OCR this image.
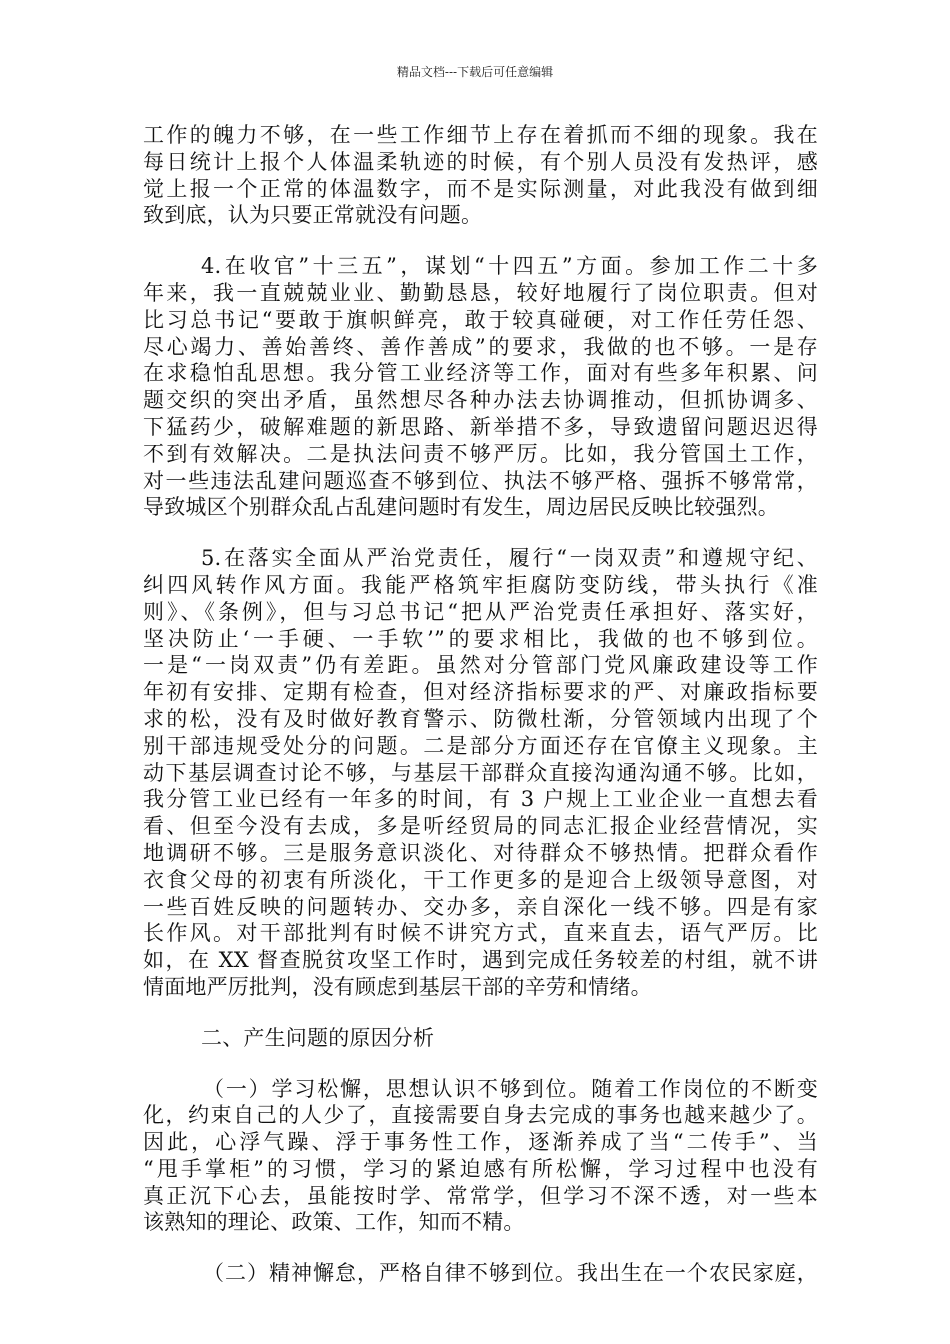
精品文档---下载后可任意编辑
工作的魄力不够，在一些工作细节上存在着抓而不细的现象。我在
每日统计上报个人体温柔轨迹的时候，有个别人员没有发热评，感
觉上报一个正常的体温数字，而不是实际测量，对此我没有做到细
致到底，认为只要正常就没有问题。
4.在收官”十三五”，谋划“十四五”方面。参加工作二十多
年来，我一直兢兢业业、勤勤恳恳，较好地履行了岗位职责。但对
比习总书记“要敢于旗帜鲜亮，敢于较真碰硬，对工作任劳任怨、
尽心竭力、善始善终、善作善成”的要求，我做的也不够。一是存
在求稳怕乱思想。我分管工业经济等工作，面对有些多年积累、问
题交织的突出矛盾，虽然想尽各种办法去协调推动，但抓协调多、
下猛药少，破解难题的新思路、新举措不多，导致遗留问题迟迟得
不到有效解决。二是执法问责不够严厉。比如，我分管国土工作，
对一些违法乱建问题巡查不够到位、执法不够严格、强拆不够常常，
导致城区个别群众乱占乱建问题时有发生，周边居民反映比较强烈。
5.在落实全面从严治党责任，履行“一岗双责”和遵规守纪、
纠四风转作风方面。我能严格筑牢拒腐防变防线，带头执行《准
则》、《条例》，但与习总书记“把从严治党责任承担好、落实好，
坚决防止‘一手硬、一手软’”的要求相比，我做的也不够到位。
一是“一岗双责”仍有差距。虽然对分管部门党风廉政建设等工作
年初有安排、定期有检查，但对经济指标要求的严、对廉政指标要
求的松，没有及时做好教育警示、防微杜渐，分管领域内出现了个
别干部违规受处分的问题。二是部分方面还存在官僚主义现象。主
动下基层调查讨论不够，与基层干部群众直接沟通沟通不够。比如，
我分管工业已经有一年多的时间，有 3 户规上工业企业一直想去看
看、但至今没有去成，多是听经贸局的同志汇报企业经营情况，实
地调研不够。三是服务意识淡化、对待群众不够热情。把群众看作
衣食父母的初衷有所淡化，干工作更多的是迎合上级领导意图，对
一些百姓反映的问题转办、交办多，亲自深化一线不够。四是有家
长作风。对干部批判有时候不讲究方式，直来直去，语气严厉。比
如，在 XX 督查脱贫攻坚工作时，遇到完成任务较差的村组，就不讲
情面地严厉批判，没有顾虑到基层干部的辛劳和情绪。
二、产生问题的原因分析
（一）学习松懈，思想认识不够到位。随着工作岗位的不断变
化，约束自己的人少了，直接需要自身去完成的事务也越来越少了。
因此，心浮气躁、浮于事务性工作，逐渐养成了当“二传手”、当
“甩手掌柜”的习惯，学习的紧迫感有所松懈，学习过程中也没有
真正沉下心去，虽能按时学、常常学，但学习不深不透，对一些本
该熟知的理论、政策、工作，知而不精。
（二）精神懈怠，严格自律不够到位。我出生在一个农民家庭，
